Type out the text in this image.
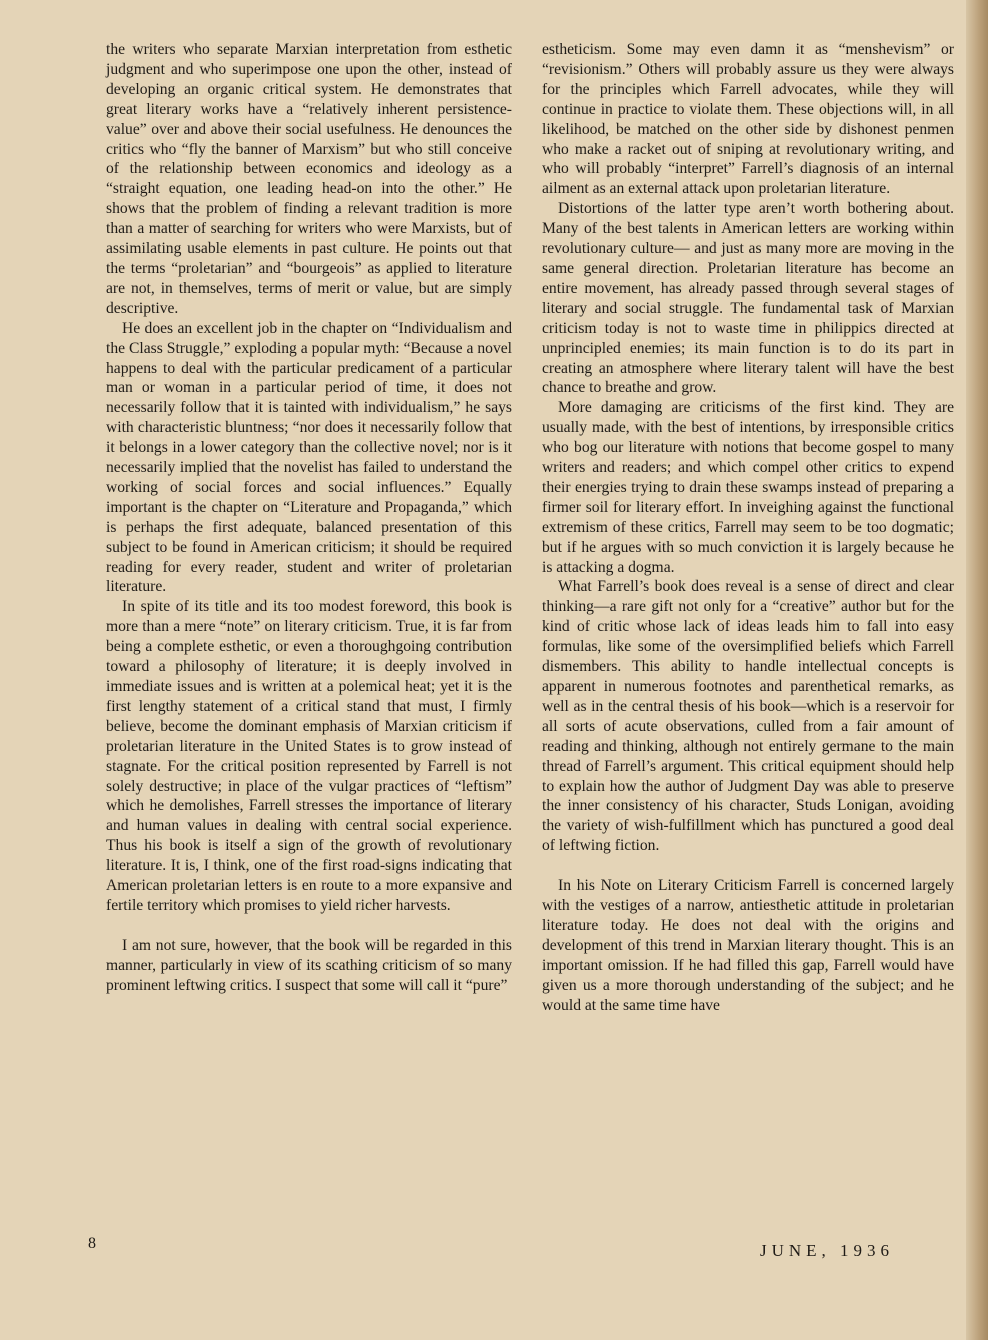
the writers who separate Marxian interpretation from esthetic judgment and who superimpose one upon the other, instead of developing an organic critical system. He demonstrates that great literary works have a “relatively inherent persistence-value” over and above their social usefulness. He denounces the critics who “fly the banner of Marxism” but who still conceive of the relationship between economics and ideology as a “straight equation, one leading head-on into the other.” He shows that the problem of finding a relevant tradition is more than a matter of searching for writers who were Marxists, but of assimilating usable elements in past culture. He points out that the terms “proletarian” and “bourgeois” as applied to literature are not, in themselves, terms of merit or value, but are simply descriptive.

He does an excellent job in the chapter on “Individualism and the Class Struggle,” exploding a popular myth: “Because a novel happens to deal with the particular predicament of a particular man or woman in a particular period of time, it does not necessarily follow that it is tainted with individualism,” he says with characteristic bluntness; “nor does it necessarily follow that it belongs in a lower category than the collective novel; nor is it necessarily implied that the novelist has failed to understand the working of social forces and social influences.” Equally important is the chapter on “Literature and Propaganda,” which is perhaps the first adequate, balanced presentation of this subject to be found in American criticism; it should be required reading for every reader, student and writer of proletarian literature.

In spite of its title and its too modest foreword, this book is more than a mere “note” on literary criticism. True, it is far from being a complete esthetic, or even a thoroughgoing contribution toward a philosophy of literature; it is deeply involved in immediate issues and is written at a polemical heat; yet it is the first lengthy statement of a critical stand that must, I firmly believe, become the dominant emphasis of Marxian criticism if proletarian literature in the United States is to grow instead of stagnate. For the critical position represented by Farrell is not solely destructive; in place of the vulgar practices of “leftism” which he demolishes, Farrell stresses the importance of literary and human values in dealing with central social experience. Thus his book is itself a sign of the growth of revolutionary literature. It is, I think, one of the first road-signs indicating that American proletarian letters is en route to a more expansive and fertile territory which promises to yield richer harvests.

I am not sure, however, that the book will be regarded in this manner, particularly in view of its scathing criticism of so many prominent leftwing critics. I suspect that some will call it “pure”

estheticism. Some may even damn it as “menshevism” or “revisionism.” Others will probably assure us they were always for the principles which Farrell advocates, while they will continue in practice to violate them. These objections will, in all likelihood, be matched on the other side by dishonest penmen who make a racket out of sniping at revolutionary writing, and who will probably “interpret” Farrell’s diagnosis of an internal ailment as an external attack upon proletarian literature.

Distortions of the latter type aren’t worth bothering about. Many of the best talents in American letters are working within revolutionary culture— and just as many more are moving in the same general direction. Proletarian literature has become an entire movement, has already passed through several stages of literary and social struggle. The fundamental task of Marxian criticism today is not to waste time in philippics directed at unprincipled enemies; its main function is to do its part in creating an atmosphere where literary talent will have the best chance to breathe and grow.

More damaging are criticisms of the first kind. They are usually made, with the best of intentions, by irresponsible critics who bog our literature with notions that become gospel to many writers and readers; and which compel other critics to expend their energies trying to drain these swamps instead of preparing a firmer soil for literary effort. In inveighing against the functional extremism of these critics, Farrell may seem to be too dogmatic; but if he argues with so much conviction it is largely because he is attacking a dogma.

What Farrell’s book does reveal is a sense of direct and clear thinking—a rare gift not only for a “creative” author but for the kind of critic whose lack of ideas leads him to fall into easy formulas, like some of the oversimplified beliefs which Farrell dismembers. This ability to handle intellectual concepts is apparent in numerous footnotes and parenthetical remarks, as well as in the central thesis of his book—which is a reservoir for all sorts of acute observations, culled from a fair amount of reading and thinking, although not entirely germane to the main thread of Farrell’s argument. This critical equipment should help to explain how the author of Judgment Day was able to preserve the inner consistency of his character, Studs Lonigan, avoiding the variety of wish-fulfillment which has punctured a good deal of leftwing fiction.

In his Note on Literary Criticism Farrell is concerned largely with the vestiges of a narrow, antiesthetic attitude in proletarian literature today. He does not deal with the origins and development of this trend in Marxian literary thought. This is an important omission. If he had filled this gap, Farrell would have given us a more thorough understanding of the subject; and he would at the same time have

8	JUNE, 1936
